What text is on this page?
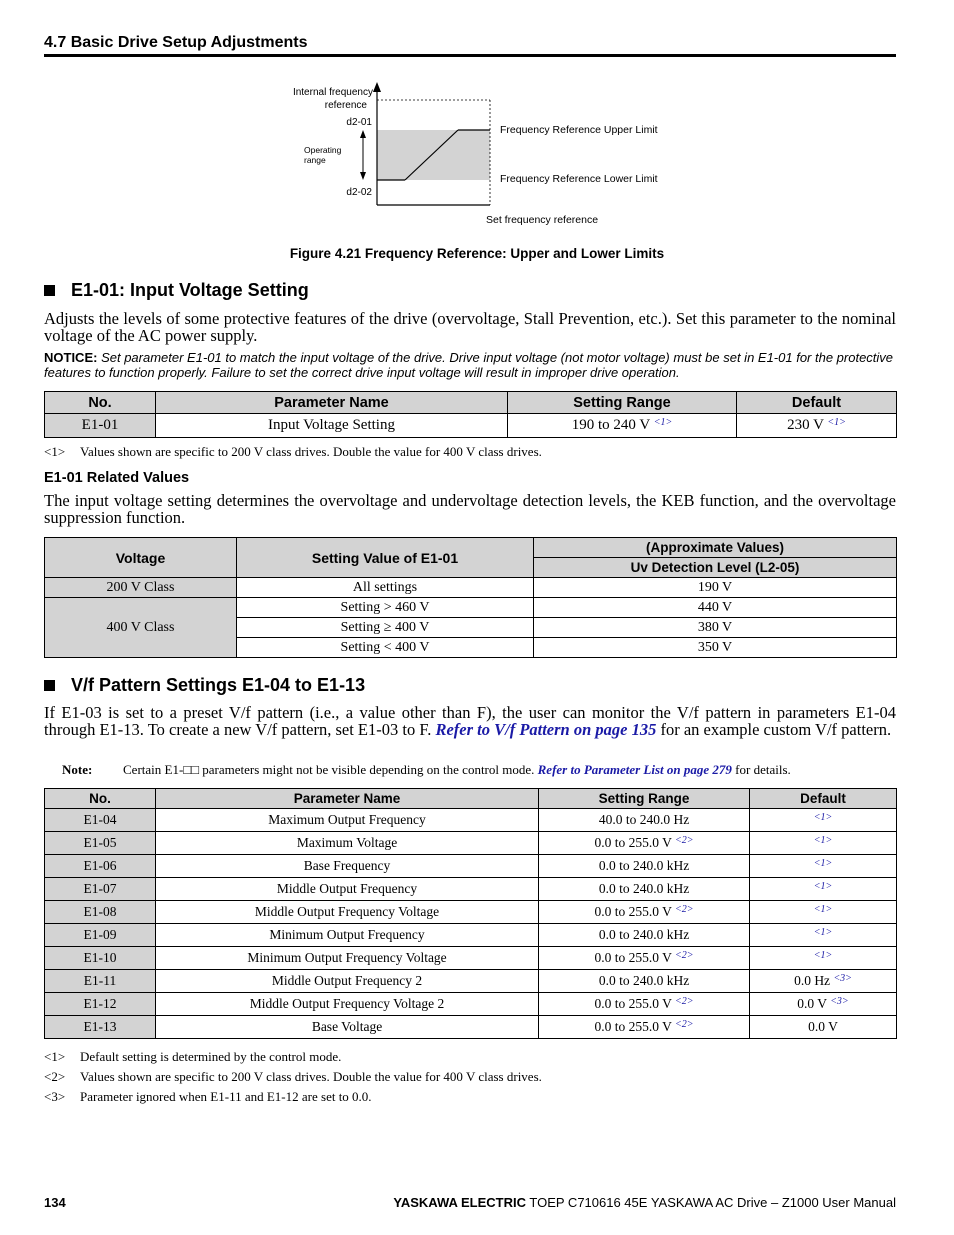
4.7 Basic Drive Setup Adjustments
Internal frequency
reference
d2-01
d2-02
Operating
range
Frequency Reference Upper Limit
Frequency Reference Lower Limit
Set frequency reference
Figure 4.21 Frequency Reference: Upper and Lower Limits
E1-01: Input Voltage Setting
Adjusts the levels of some protective features of the drive (overvoltage, Stall Prevention, etc.). Set this parameter to the nominal voltage of the AC power supply.
NOTICE: Set parameter E1-01 to match the input voltage of the drive. Drive input voltage (not motor voltage) must be set in E1-01 for the protective features to function properly. Failure to set the correct drive input voltage will result in improper drive operation.
No.	Parameter Name	Setting Range	Default
E1-01	Input Voltage Setting	190 to 240 V $^{<1>}$	230 V $^{<1>}$
<1> Values shown are specific to 200 V class drives. Double the value for 400 V class drives.
E1-01 Related Values
The input voltage setting determines the overvoltage and undervoltage detection levels, the KEB function, and the overvoltage suppression function.
Voltage	Setting Value of E1-01	(Approximate Values)
		Uv Detection Level (L2-05)
200 V Class	All settings	190 V
400 V Class	Setting > 460 V	440 V
	Setting ≥ 400 V	380 V
	Setting < 400 V	350 V
V/f Pattern Settings E1-04 to E1-13
If E1-03 is set to a preset V/f pattern (i.e., a value other than F), the user can monitor the V/f pattern in parameters E1-04 through E1-13. To create a new V/f pattern, set E1-03 to F. Refer to V/f Pattern on page 135 for an example custom V/f pattern.
Note: Certain E1-□□ parameters might not be visible depending on the control mode. Refer to Parameter List on page 279 for details.
No.	Parameter Name	Setting Range	Default
E1-04	Maximum Output Frequency	40.0 to 240.0 Hz	$^{<1>}$
E1-05	Maximum Voltage	0.0 to 255.0 V $^{<2>}$	$^{<1>}$
E1-06	Base Frequency	0.0 to 240.0 kHz	$^{<1>}$
E1-07	Middle Output Frequency	0.0 to 240.0 kHz	$^{<1>}$
E1-08	Middle Output Frequency Voltage	0.0 to 255.0 V $^{<2>}$	$^{<1>}$
E1-09	Minimum Output Frequency	0.0 to 240.0 kHz	$^{<1>}$
E1-10	Minimum Output Frequency Voltage	0.0 to 255.0 V $^{<2>}$	$^{<1>}$
E1-11	Middle Output Frequency 2	0.0 to 240.0 kHz	0.0 Hz $^{<3>}$
E1-12	Middle Output Frequency Voltage 2	0.0 to 255.0 V $^{<2>}$	0.0 V $^{<3>}$
E1-13	Base Voltage	0.0 to 255.0 V $^{<2>}$	0.0 V
<1> Default setting is determined by the control mode.
<2> Values shown are specific to 200 V class drives. Double the value for 400 V class drives.
<3> Parameter ignored when E1-11 and E1-12 are set to 0.0.
134	YASKAWA ELECTRIC TOEP C710616 45E YASKAWA AC Drive – Z1000 User Manual
